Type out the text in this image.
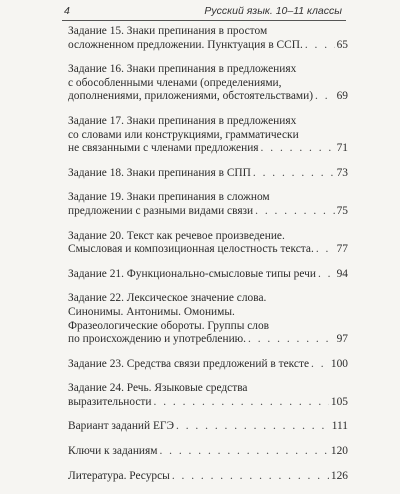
4	Русский язык. 10–11 классы
Задание 15. Знаки препинания в простом
осложненном предложении. Пунктуация в ССП. . . .	65
Задание 16. Знаки препинания в предложениях
с обособленными членами (определениями,
дополнениями, приложениями, обстоятельствами) . . . 69
Задание 17. Знаки препинания в предложениях
со словами или конструкциями, грамматически
не связанными с членами предложения . . .	71
Задание 18. Знаки препинания в СПП . . .	73
Задание 19. Знаки препинания в сложном
предложении с разными видами связи . . .	75
Задание 20. Текст как речевое произведение.
Смысловая и композиционная целостность текста. . . . 77
Задание 21. Функционально-смысловые типы речи . . . 94
Задание 22. Лексическое значение слова.
Синонимы. Антонимы. Омонимы.
Фразеологические обороты. Группы слов
по происхождению и употреблению. . . .	97
Задание 23. Средства связи предложений в тексте . . . 100
Задание 24. Речь. Языковые средства
выразительности . . .	105
Вариант заданий ЕГЭ . . .	111
Ключи к заданиям . . .	120
Литература. Ресурсы . . .	126
